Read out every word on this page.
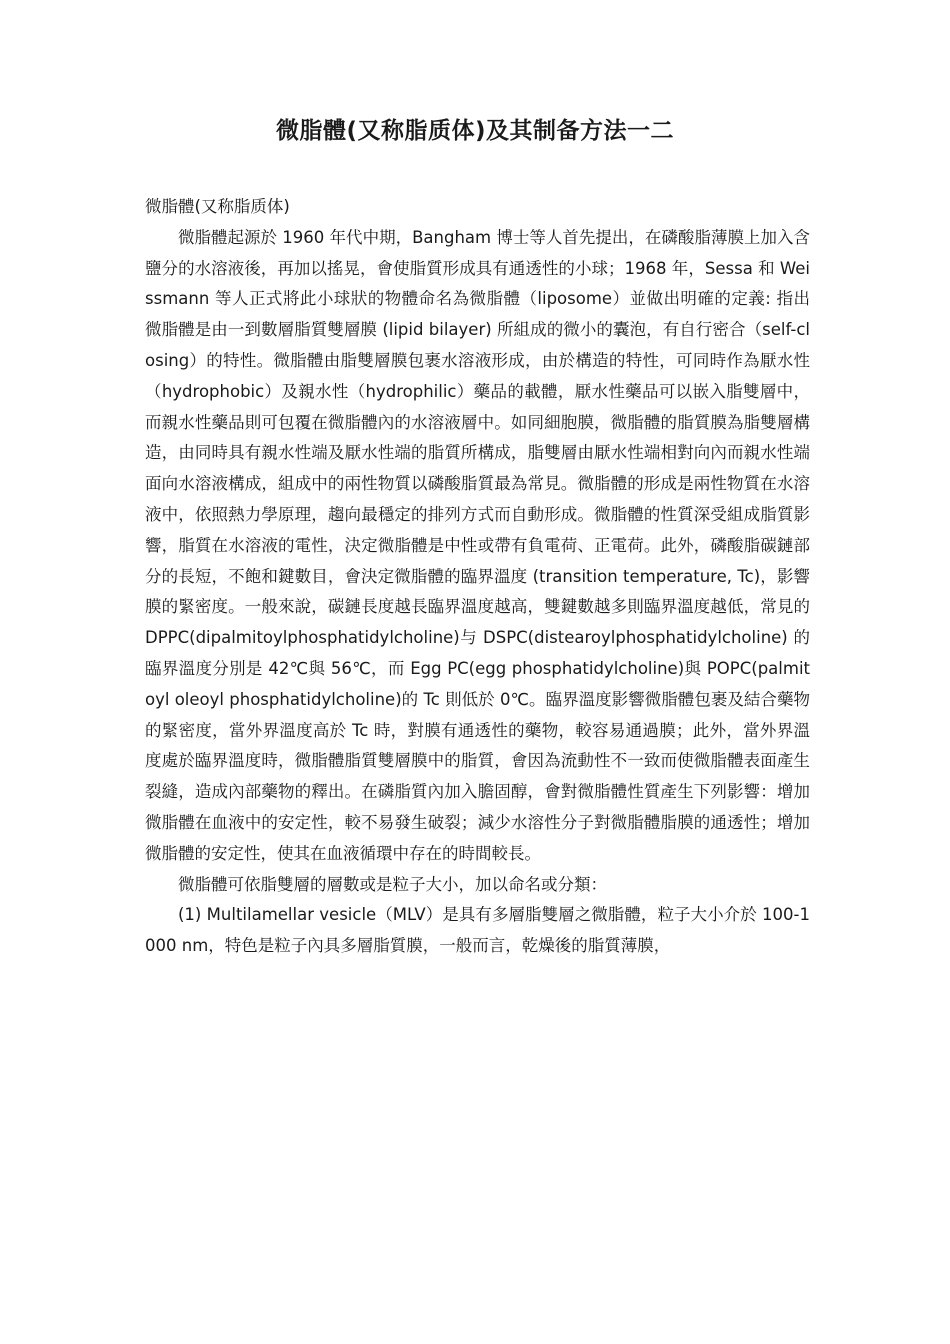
微脂體(又称脂质体)及其制备方法一二

微脂體(又称脂质体)

微脂體起源於 1960 年代中期，Bangham 博士等人首先提出，在磷酸脂薄膜上加入含鹽分的水溶液後，再加以搖晃，會使脂質形成具有通透性的小球；1968 年，Sessa 和 Weissmann 等人正式將此小球狀的物體命名為微脂體（liposome）並做出明確的定義: 指出微脂體是由一到數層脂質雙層膜 (lipid bilayer) 所組成的微小的囊泡，有自行密合（self-closing）的特性。微脂體由脂雙層膜包裹水溶液形成，由於構造的特性，可同時作為厭水性（hydrophobic）及親水性（hydrophilic）藥品的載體，厭水性藥品可以嵌入脂雙層中，而親水性藥品則可包覆在微脂體內的水溶液層中。如同細胞膜，微脂體的脂質膜為脂雙層構造，由同時具有親水性端及厭水性端的脂質所構成，脂雙層由厭水性端相對向內而親水性端面向水溶液構成，組成中的兩性物質以磷酸脂質最為常見。微脂體的形成是兩性物質在水溶液中，依照熱力學原理，趨向最穩定的排列方式而自動形成。微脂體的性質深受組成脂質影響，脂質在水溶液的電性，決定微脂體是中性或帶有負電荷、正電荷。此外，磷酸脂碳鏈部分的長短，不飽和鍵數目，會決定微脂體的臨界溫度 (transition temperature, Tc)，影響膜的緊密度。一般來說，碳鏈長度越長臨界溫度越高，雙鍵數越多則臨界溫度越低，常見的 DPPC(dipalmitoylphosphatidylcholine)与 DSPC(distearoylphosphatidylcholine) 的臨界溫度分別是 42℃與 56℃，而 Egg PC(egg phosphatidylcholine)與 POPC(palmitoyl oleoyl phosphatidylcholine)的 Tc 則低於 0℃。臨界溫度影響微脂體包裹及結合藥物的緊密度，當外界溫度高於 Tc 時，對膜有通透性的藥物，較容易通過膜；此外，當外界溫度處於臨界溫度時，微脂體脂質雙層膜中的脂質，會因為流動性不一致而使微脂體表面產生裂縫，造成內部藥物的釋出。在磷脂質內加入膽固醇，會對微脂體性質產生下列影響：增加微脂體在血液中的安定性，較不易發生破裂；減少水溶性分子對微脂體脂膜的通透性；增加微脂體的安定性，使其在血液循環中存在的時間較長。

微脂體可依脂雙層的層數或是粒子大小，加以命名或分類：

(1) Multilamellar vesicle（MLV）是具有多層脂雙層之微脂體，粒子大小介於 100-1000 nm，特色是粒子內具多層脂質膜，一般而言，乾燥後的脂質薄膜，
